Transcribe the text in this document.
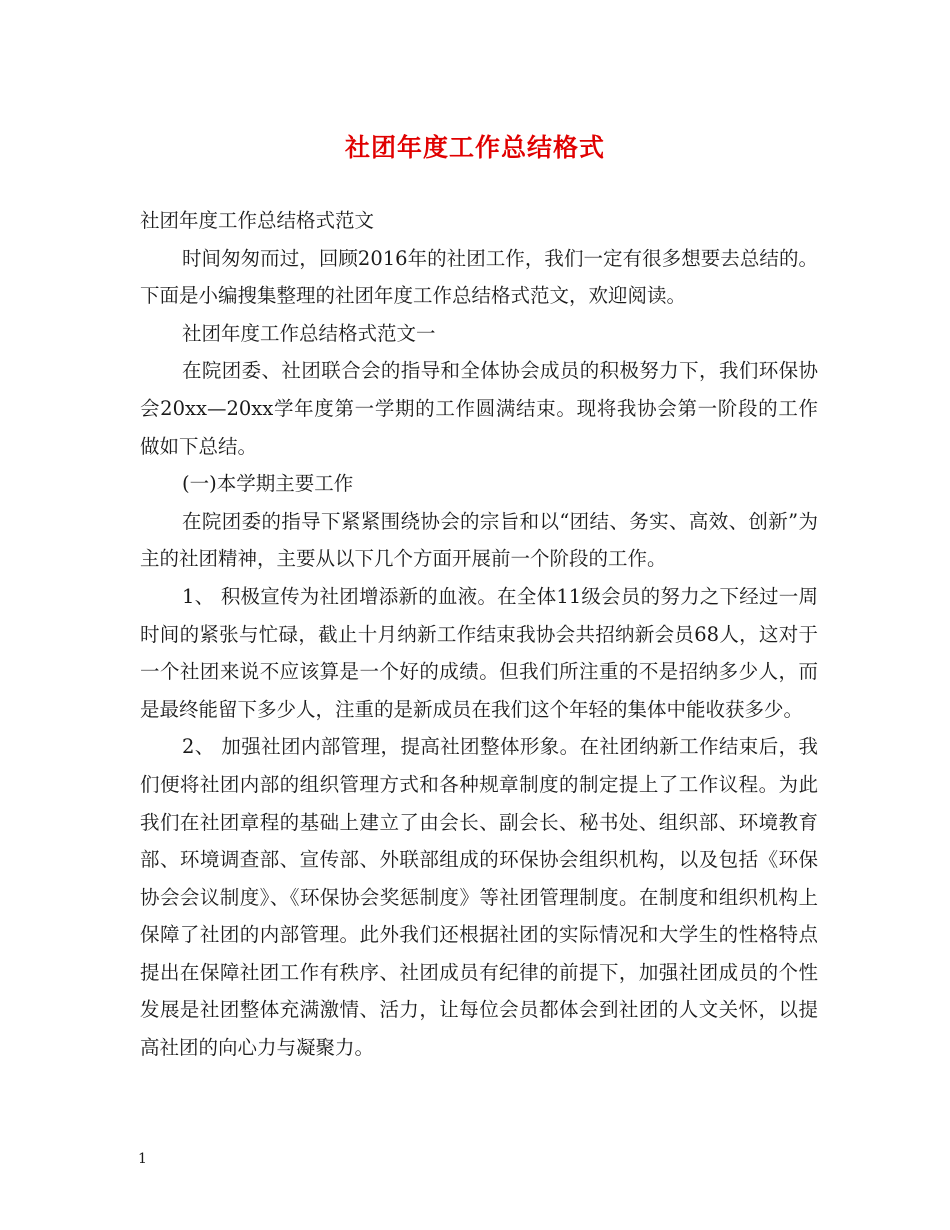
社团年度工作总结格式

社团年度工作总结格式范文

时间匆匆而过，回顾2016年的社团工作，我们一定有很多想要去总结的。下面是小编搜集整理的社团年度工作总结格式范文，欢迎阅读。

社团年度工作总结格式范文一

在院团委、社团联合会的指导和全体协会成员的积极努力下，我们环保协会20xx—20xx学年度第一学期的工作圆满结束。现将我协会第一阶段的工作做如下总结。

(一)本学期主要工作

在院团委的指导下紧紧围绕协会的宗旨和以“团结、务实、高效、创新”为主的社团精神，主要从以下几个方面开展前一个阶段的工作。

1、 积极宣传为社团增添新的血液。在全体11级会员的努力之下经过一周时间的紧张与忙碌，截止十月纳新工作结束我协会共招纳新会员68人，这对于一个社团来说不应该算是一个好的成绩。但我们所注重的不是招纳多少人，而是最终能留下多少人，注重的是新成员在我们这个年轻的集体中能收获多少。

2、 加强社团内部管理，提高社团整体形象。在社团纳新工作结束后，我们便将社团内部的组织管理方式和各种规章制度的制定提上了工作议程。为此我们在社团章程的基础上建立了由会长、副会长、秘书处、组织部、环境教育部、环境调查部、宣传部、外联部组成的环保协会组织机构，以及包括《环保协会会议制度》、《环保协会奖惩制度》等社团管理制度。在制度和组织机构上保障了社团的内部管理。此外我们还根据社团的实际情况和大学生的性格特点提出在保障社团工作有秩序、社团成员有纪律的前提下，加强社团成员的个性发展是社团整体充满激情、活力，让每位会员都体会到社团的人文关怀，以提高社团的向心力与凝聚力。

1
